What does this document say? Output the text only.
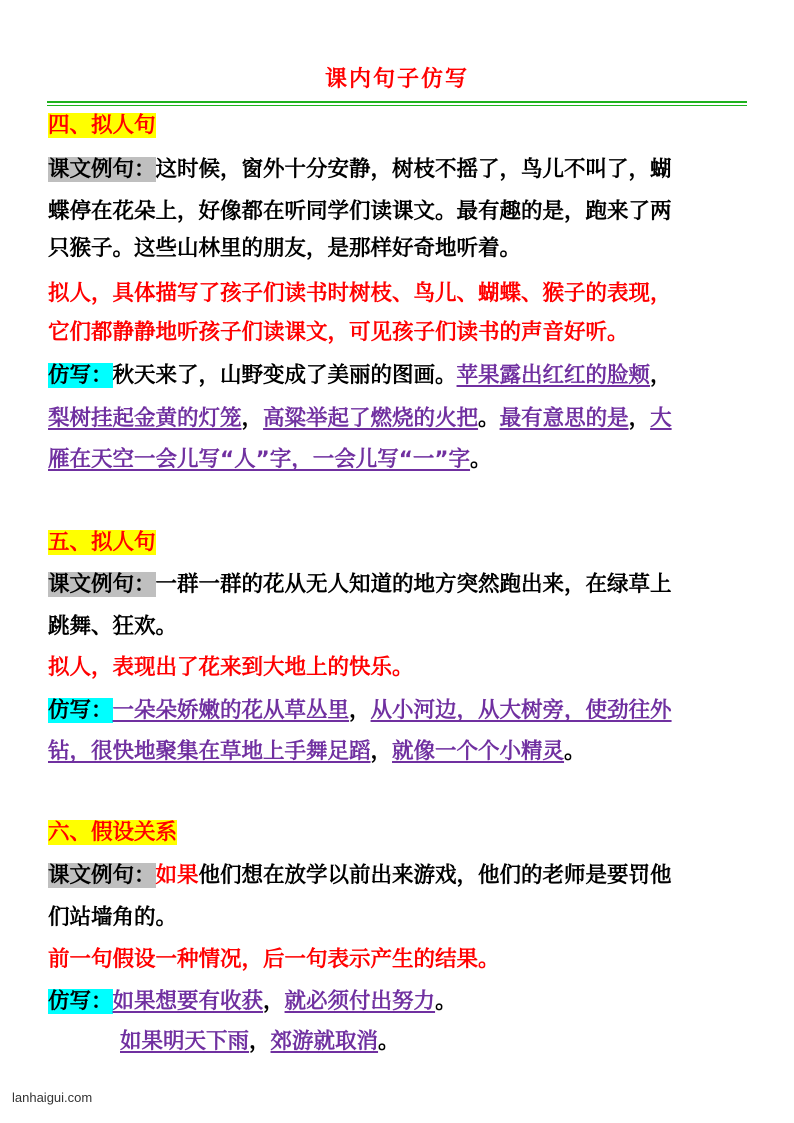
课内句子仿写
四、拟人句
课文例句：这时候，窗外十分安静，树枝不摇了，鸟儿不叫了，蝴
蝶停在花朵上，好像都在听同学们读课文。最有趣的是，跑来了两
只猴子。这些山林里的朋友，是那样好奇地听着。
拟人，具体描写了孩子们读书时树枝、鸟儿、蝴蝶、猴子的表现，
它们都静静地听孩子们读课文，可见孩子们读书的声音好听。
仿写：秋天来了，山野变成了美丽的图画。苹果露出红红的脸颊，
梨树挂起金黄的灯笼，高粱举起了燃烧的火把。最有意思的是，大
雁在天空一会儿写“人”字，一会儿写“一”字。
五、拟人句
课文例句：一群一群的花从无人知道的地方突然跑出来，在绿草上
跳舞、狂欢。
拟人，表现出了花来到大地上的快乐。
仿写：一朵朵娇嫩的花从草丛里，从小河边，从大树旁，使劲往外
钻，很快地聚集在草地上手舞足蹈，就像一个个小精灵。
六、假设关系
课文例句：如果他们想在放学以前出来游戏，他们的老师是要罚他
们站墙角的。
前一句假设一种情况，后一句表示产生的结果。
仿写：如果想要有收获，就必须付出努力。
如果明天下雨，郊游就取消。
lanhaigui.com
